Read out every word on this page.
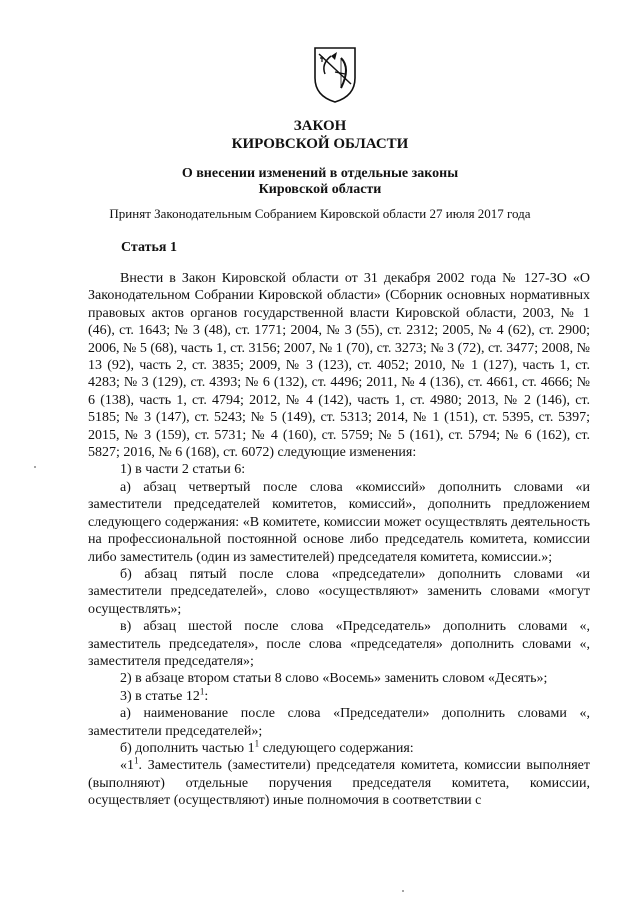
ЗАКОН
КИРОВСКОЙ ОБЛАСТИ
О внесении изменений в отдельные законы
Кировской области
Принят Законодательным Собранием Кировской области 27 июля 2017 года
Статья 1

Внести в Закон Кировской области от 31 декабря 2002 года № 127-ЗО «О Законодательном Собрании Кировской области» (Сборник основных нормативных правовых актов органов государственной власти Кировской области, 2003, № 1 (46), ст. 1643; № 3 (48), ст. 1771; 2004, № 3 (55), ст. 2312; 2005, № 4 (62), ст. 2900; 2006, № 5 (68), часть 1, ст. 3156; 2007, № 1 (70), ст. 3273; № 3 (72), ст. 3477; 2008, № 13 (92), часть 2, ст. 3835; 2009, № 3 (123), ст. 4052; 2010, № 1 (127), часть 1, ст. 4283; № 3 (129), ст. 4393; № 6 (132), ст. 4496; 2011, № 4 (136), ст. 4661, ст. 4666; № 6 (138), часть 1, ст. 4794; 2012, № 4 (142), часть 1, ст. 4980; 2013, № 2 (146), ст. 5185; № 3 (147), ст. 5243; № 5 (149), ст. 5313; 2014, № 1 (151), ст. 5395, ст. 5397; 2015, № 3 (159), ст. 5731; № 4 (160), ст. 5759; № 5 (161), ст. 5794; № 6 (162), ст. 5827; 2016, № 6 (168), ст. 6072) следующие изменения:

1) в части 2 статьи 6:

а) абзац четвертый после слова «комиссий» дополнить словами «и заместители председателей комитетов, комиссий», дополнить предложением следующего содержания: «В комитете, комиссии может осуществлять деятельность на профессиональной постоянной основе либо председатель комитета, комиссии либо заместитель (один из заместителей) председателя комитета, комиссии.»;

б) абзац пятый после слова «председатели» дополнить словами «и заместители председателей», слово «осуществляют» заменить словами «могут осуществлять»;

в) абзац шестой после слова «Председатель» дополнить словами «, заместитель председателя», после слова «председателя» дополнить словами «, заместителя председателя»;

2) в абзаце втором статьи 8 слово «Восемь» заменить словом «Десять»;

3) в статье $12^1$:

а) наименование после слова «Председатели» дополнить словами «, заместители председателей»;

б) дополнить частью $1^1$ следующего содержания:

«$1^1$. Заместитель (заместители) председателя комитета, комиссии выполняет (выполняют) отдельные поручения председателя комитета, комиссии, осуществляет (осуществляют) иные полномочия в соответствии с
